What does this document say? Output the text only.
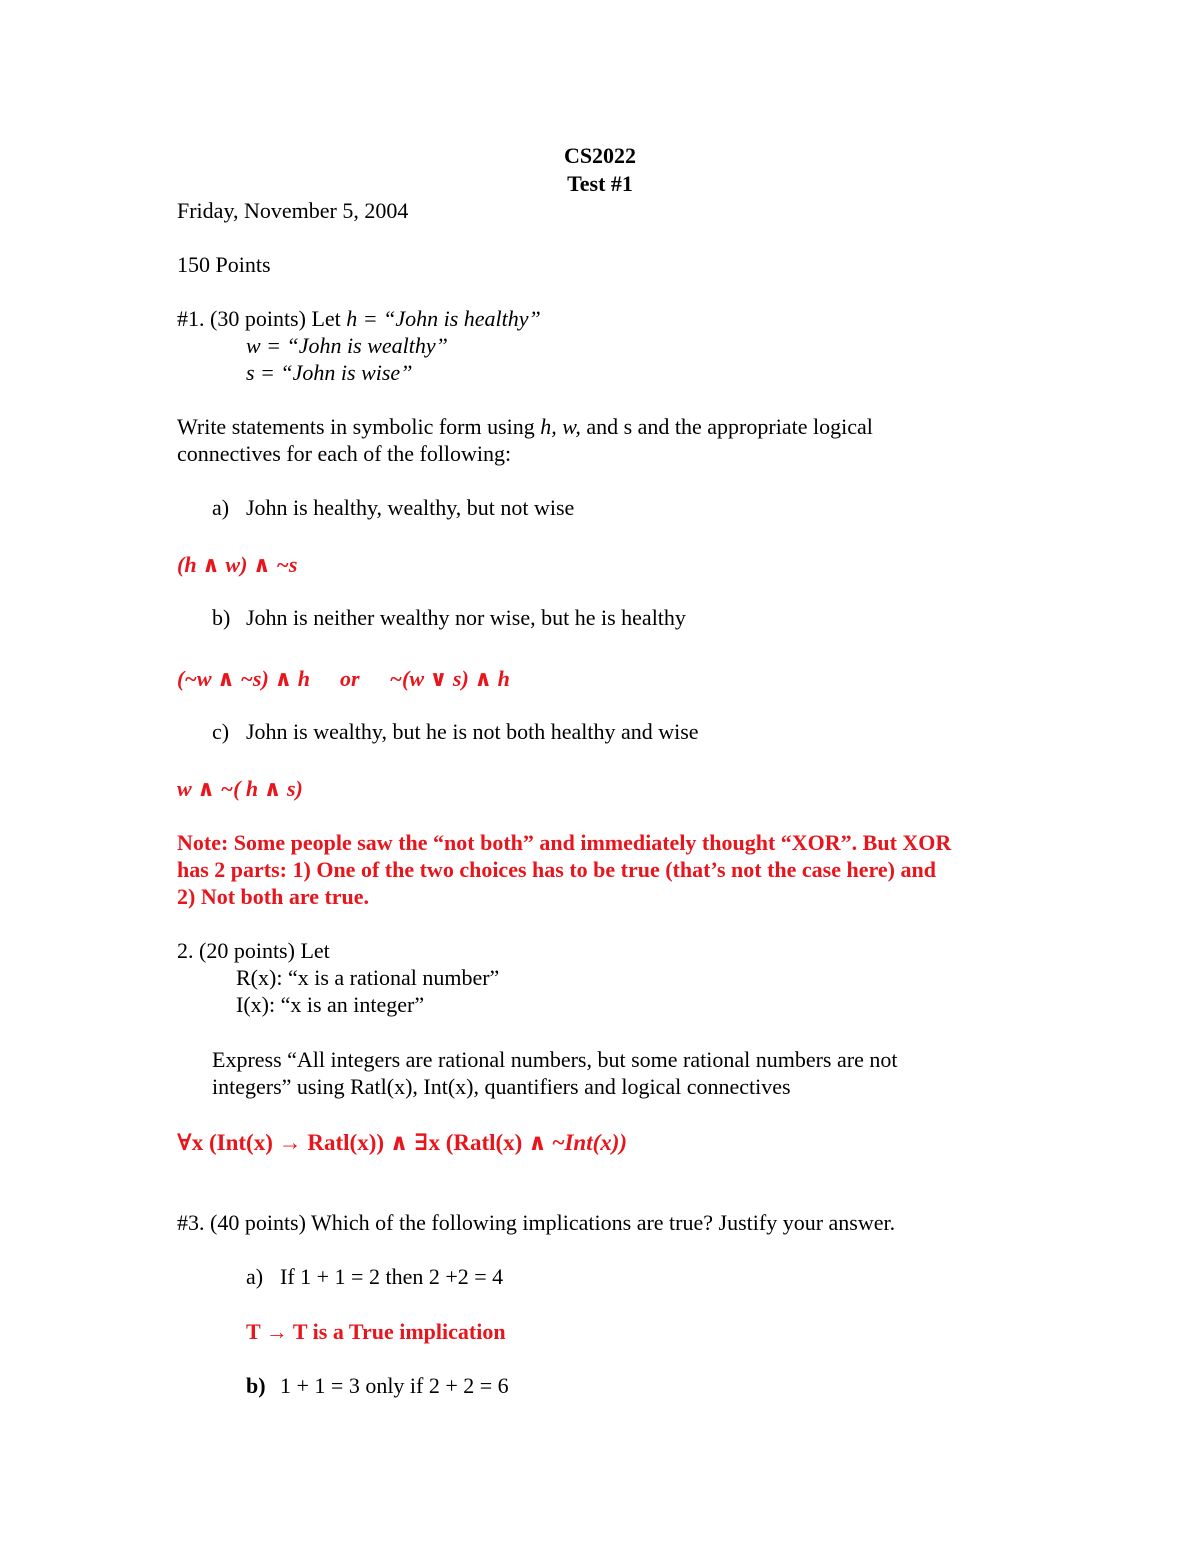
CS2022
Test #1
Friday, November 5, 2004
150 Points
#1. (30 points) Let h = “John is healthy”
w = “John is wealthy”
s = “John is wise”
Write statements in symbolic form using h, w, and s and the appropriate logical
connectives for each of the following:
a) John is healthy, wealthy, but not wise
(h ∧ w) ∧ ~s
b) John is neither wealthy nor wise, but he is healthy
(~w ∧ ~s) ∧ h or ~(w ∨ s) ∧ h
c) John is wealthy, but he is not both healthy and wise
w ∧ ~( h ∧ s)
Note: Some people saw the “not both” and immediately thought “XOR”. But XOR
has 2 parts: 1) One of the two choices has to be true (that’s not the case here) and
2) Not both are true.
2. (20 points) Let
R(x): “x is a rational number”
I(x): “x is an integer”
Express “All integers are rational numbers, but some rational numbers are not
integers” using Ratl(x), Int(x), quantifiers and logical connectives
∀x (Int(x) → Ratl(x)) ∧ ∃x (Ratl(x) ∧ ~Int(x))
#3. (40 points) Which of the following implications are true? Justify your answer.
a) If 1 + 1 = 2 then 2 +2 = 4
T → T is a True implication
b) 1 + 1 = 3 only if 2 + 2 = 6
